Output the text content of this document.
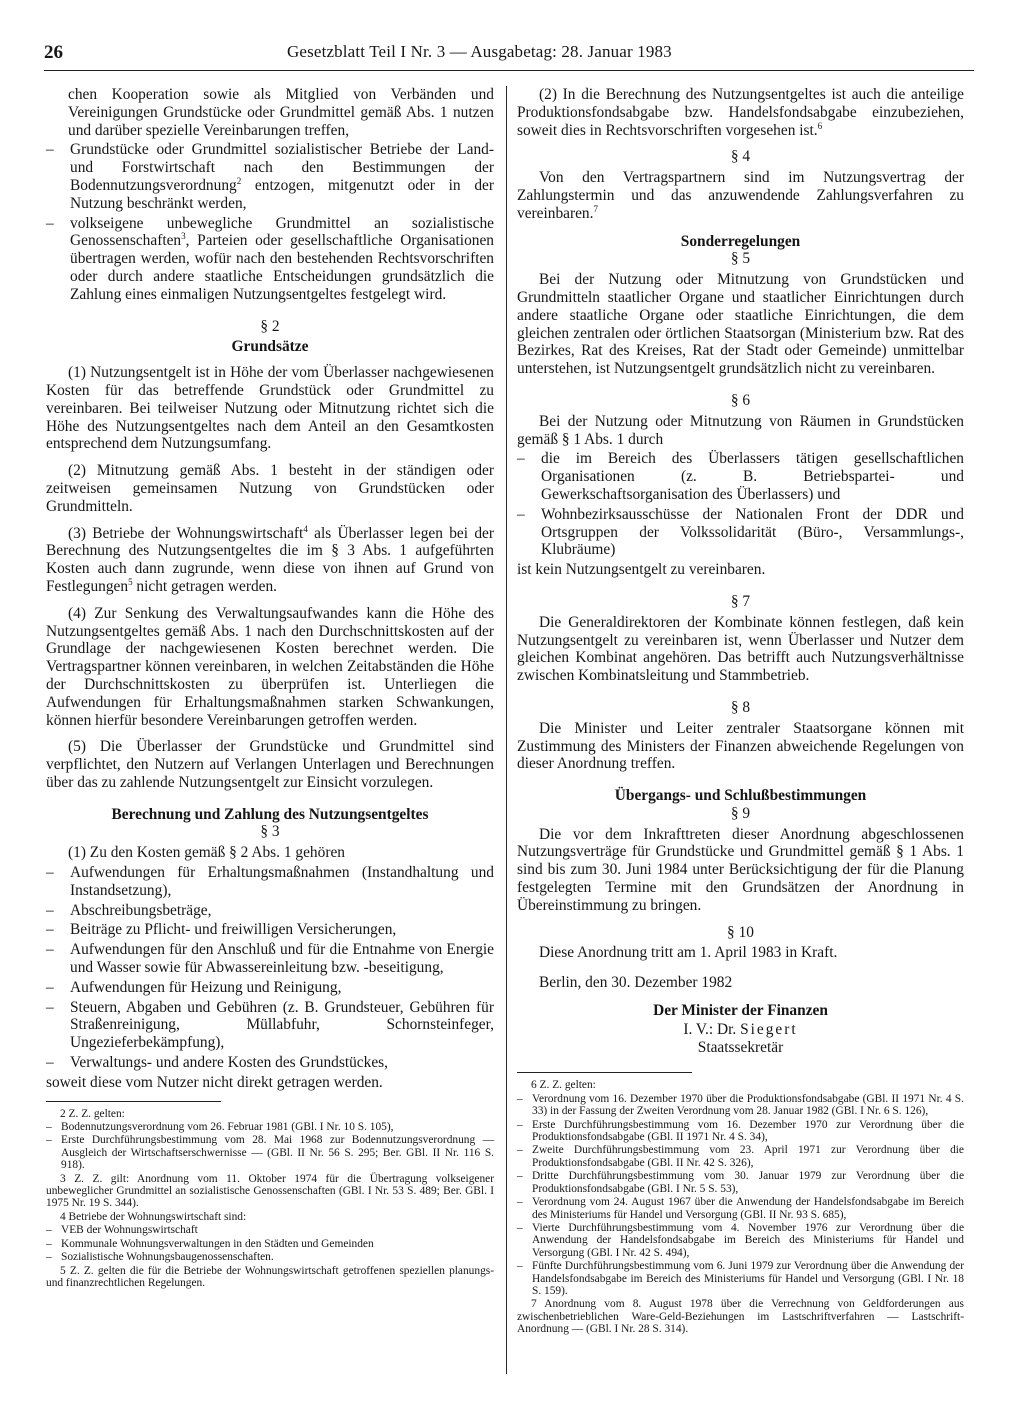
26	Gesetzblatt Teil I Nr. 3 — Ausgabetag: 28. Januar 1983
chen Kooperation sowie als Mitglied von Verbänden und Vereinigungen Grundstücke oder Grundmittel gemäß Abs. 1 nutzen und darüber spezielle Vereinbarungen treffen,
– Grundstücke oder Grundmittel sozialistischer Betriebe der Land- und Forstwirtschaft nach den Bestimmungen der Bodennutzungsverordnung$^2$ entzogen, mitgenutzt oder in der Nutzung beschränkt werden,
– volkseigene unbewegliche Grundmittel an sozialistische Genossenschaften$^3$, Parteien oder gesellschaftliche Organisationen übertragen werden, wofür nach den bestehenden Rechtsvorschriften oder durch andere staatliche Entscheidungen grundsätzlich die Zahlung eines einmaligen Nutzungsentgeltes festgelegt wird.
§ 2
Grundsätze
(1) Nutzungsentgelt ist in Höhe der vom Überlasser nachgewiesenen Kosten für das betreffende Grundstück oder Grundmittel zu vereinbaren. Bei teilweiser Nutzung oder Mitnutzung richtet sich die Höhe des Nutzungsentgeltes nach dem Anteil an den Gesamtkosten entsprechend dem Nutzungsumfang.
(2) Mitnutzung gemäß Abs. 1 besteht in der ständigen oder zeitweisen gemeinsamen Nutzung von Grundstücken oder Grundmitteln.
(3) Betriebe der Wohnungswirtschaft$^4$ als Überlasser legen bei der Berechnung des Nutzungsentgeltes die im § 3 Abs. 1 aufgeführten Kosten auch dann zugrunde, wenn diese von ihnen auf Grund von Festlegungen$^5$ nicht getragen werden.
(4) Zur Senkung des Verwaltungsaufwandes kann die Höhe des Nutzungsentgeltes gemäß Abs. 1 nach den Durchschnittskosten auf der Grundlage der nachgewiesenen Kosten berechnet werden. Die Vertragspartner können vereinbaren, in welchen Zeitabständen die Höhe der Durchschnittskosten zu überprüfen ist. Unterliegen die Aufwendungen für Erhaltungsmaßnahmen starken Schwankungen, können hierfür besondere Vereinbarungen getroffen werden.
(5) Die Überlasser der Grundstücke und Grundmittel sind verpflichtet, den Nutzern auf Verlangen Unterlagen und Berechnungen über das zu zahlende Nutzungsentgelt zur Einsicht vorzulegen.
Berechnung und Zahlung des Nutzungsentgeltes
§ 3
(1) Zu den Kosten gemäß § 2 Abs. 1 gehören
– Aufwendungen für Erhaltungsmaßnahmen (Instandhaltung und Instandsetzung),
– Abschreibungsbeträge,
– Beiträge zu Pflicht- und freiwilligen Versicherungen,
– Aufwendungen für den Anschluß und für die Entnahme von Energie und Wasser sowie für Abwassereinleitung bzw. -beseitigung,
– Aufwendungen für Heizung und Reinigung,
– Steuern, Abgaben und Gebühren (z. B. Grundsteuer, Gebühren für Straßenreinigung, Müllabfuhr, Schornsteinfeger, Ungezieferbekämpfung),
– Verwaltungs- und andere Kosten des Grundstückes,
soweit diese vom Nutzer nicht direkt getragen werden.
2 Z. Z. gelten:
– Bodennutzungsverordnung vom 26. Februar 1981 (GBl. I Nr. 10 S. 105),
– Erste Durchführungsbestimmung vom 28. Mai 1968 zur Bodennutzungsverordnung — Ausgleich der Wirtschaftserschwernisse — (GBl. II Nr. 56 S. 295; Ber. GBl. II Nr. 116 S. 918).
3 Z. Z. gilt: Anordnung vom 11. Oktober 1974 für die Übertragung volkseigener unbeweglicher Grundmittel an sozialistische Genossenschaften (GBl. I Nr. 53 S. 489; Ber. GBl. I 1975 Nr. 19 S. 344).
4 Betriebe der Wohnungswirtschaft sind:
– VEB der Wohnungswirtschaft
– Kommunale Wohnungsverwaltungen in den Städten und Gemeinden
– Sozialistische Wohnungsbaugenossenschaften.
5 Z. Z. gelten die für die Betriebe der Wohnungswirtschaft getroffenen speziellen planungs- und finanzrechtlichen Regelungen.
(2) In die Berechnung des Nutzungsentgeltes ist auch die anteilige Produktionsfondsabgabe bzw. Handelsfondsabgabe einzubeziehen, soweit dies in Rechtsvorschriften vorgesehen ist.$^6$
§ 4
Von den Vertragspartnern sind im Nutzungsvertrag der Zahlungstermin und das anzuwendende Zahlungsverfahren zu vereinbaren.$^7$
Sonderregelungen
§ 5
Bei der Nutzung oder Mitnutzung von Grundstücken und Grundmitteln staatlicher Organe und staatlicher Einrichtungen durch andere staatliche Organe oder staatliche Einrichtungen, die dem gleichen zentralen oder örtlichen Staatsorgan (Ministerium bzw. Rat des Bezirkes, Rat des Kreises, Rat der Stadt oder Gemeinde) unmittelbar unterstehen, ist Nutzungsentgelt grundsätzlich nicht zu vereinbaren.
§ 6
Bei der Nutzung oder Mitnutzung von Räumen in Grundstücken gemäß § 1 Abs. 1 durch
– die im Bereich des Überlassers tätigen gesellschaftlichen Organisationen (z. B. Betriebspartei- und Gewerkschaftsorganisation des Überlassers) und
– Wohnbezirksausschüsse der Nationalen Front der DDR und Ortsgruppen der Volkssolidarität (Büro-, Versammlungs-, Klubräume)
ist kein Nutzungsentgelt zu vereinbaren.
§ 7
Die Generaldirektoren der Kombinate können festlegen, daß kein Nutzungsentgelt zu vereinbaren ist, wenn Überlasser und Nutzer dem gleichen Kombinat angehören. Das betrifft auch Nutzungsverhältnisse zwischen Kombinatsleitung und Stammbetrieb.
§ 8
Die Minister und Leiter zentraler Staatsorgane können mit Zustimmung des Ministers der Finanzen abweichende Regelungen von dieser Anordnung treffen.
Übergangs- und Schlußbestimmungen
§ 9
Die vor dem Inkrafttreten dieser Anordnung abgeschlossenen Nutzungsverträge für Grundstücke und Grundmittel gemäß § 1 Abs. 1 sind bis zum 30. Juni 1984 unter Berücksichtigung der für die Planung festgelegten Termine mit den Grundsätzen der Anordnung in Übereinstimmung zu bringen.
§ 10
Diese Anordnung tritt am 1. April 1983 in Kraft.
Berlin, den 30. Dezember 1982
Der Minister der Finanzen
I. V.: Dr. Siegert
Staatssekretär
6 Z. Z. gelten:
– Verordnung vom 16. Dezember 1970 über die Produktionsfondsabgabe (GBl. II 1971 Nr. 4 S. 33) in der Fassung der Zweiten Verordnung vom 28. Januar 1982 (GBl. I Nr. 6 S. 126),
– Erste Durchführungsbestimmung vom 16. Dezember 1970 zur Verordnung über die Produktionsfondsabgabe (GBl. II 1971 Nr. 4 S. 34),
– Zweite Durchführungsbestimmung vom 23. April 1971 zur Verordnung über die Produktionsfondsabgabe (GBl. II Nr. 42 S. 326),
– Dritte Durchführungsbestimmung vom 30. Januar 1979 zur Verordnung über die Produktionsfondsabgabe (GBl. I Nr. 5 S. 53),
– Verordnung vom 24. August 1967 über die Anwendung der Handelsfondsabgabe im Bereich des Ministeriums für Handel und Versorgung (GBl. II Nr. 93 S. 685),
– Vierte Durchführungsbestimmung vom 4. November 1976 zur Verordnung über die Anwendung der Handelsfondsabgabe im Bereich des Ministeriums für Handel und Versorgung (GBl. I Nr. 42 S. 494),
– Fünfte Durchführungsbestimmung vom 6. Juni 1979 zur Verordnung über die Anwendung der Handelsfondsabgabe im Bereich des Ministeriums für Handel und Versorgung (GBl. I Nr. 18 S. 159).
7 Anordnung vom 8. August 1978 über die Verrechnung von Geldforderungen aus zwischenbetrieblichen Ware-Geld-Beziehungen im Lastschriftverfahren — Lastschrift-Anordnung — (GBl. I Nr. 28 S. 314).
